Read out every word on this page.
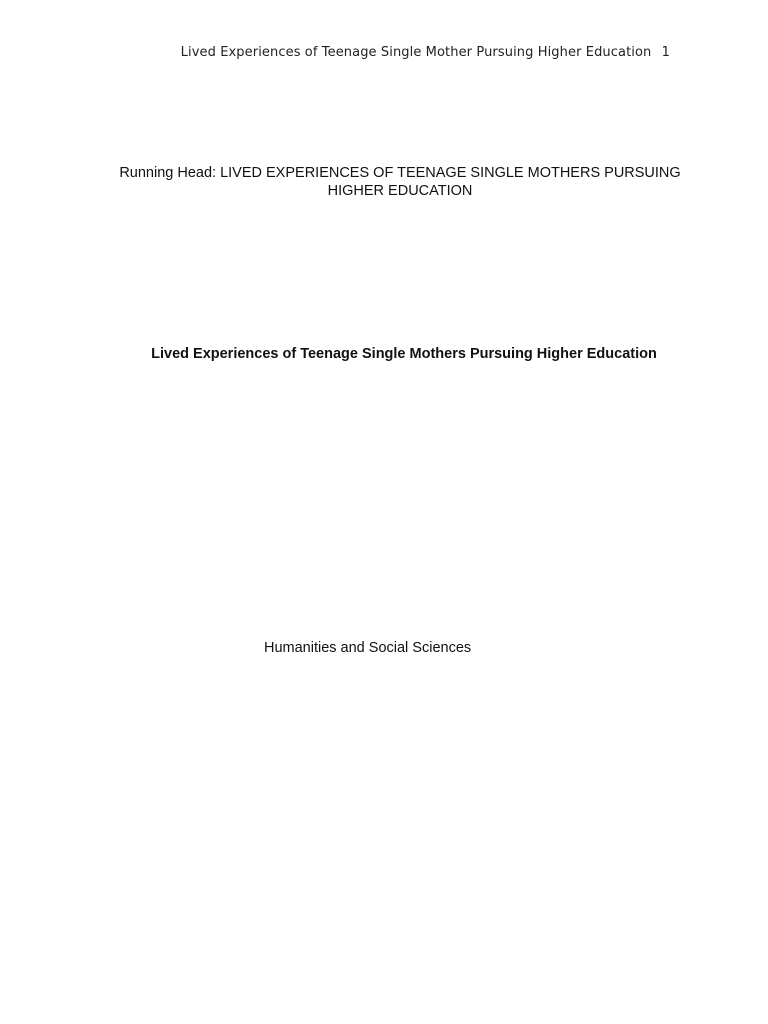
Lived Experiences of Teenage Single Mother Pursuing Higher Education 1
Running Head: LIVED EXPERIENCES OF TEENAGE SINGLE MOTHERS PURSUING
HIGHER EDUCATION
Lived Experiences of Teenage Single Mothers Pursuing Higher Education
Humanities and Social Sciences
